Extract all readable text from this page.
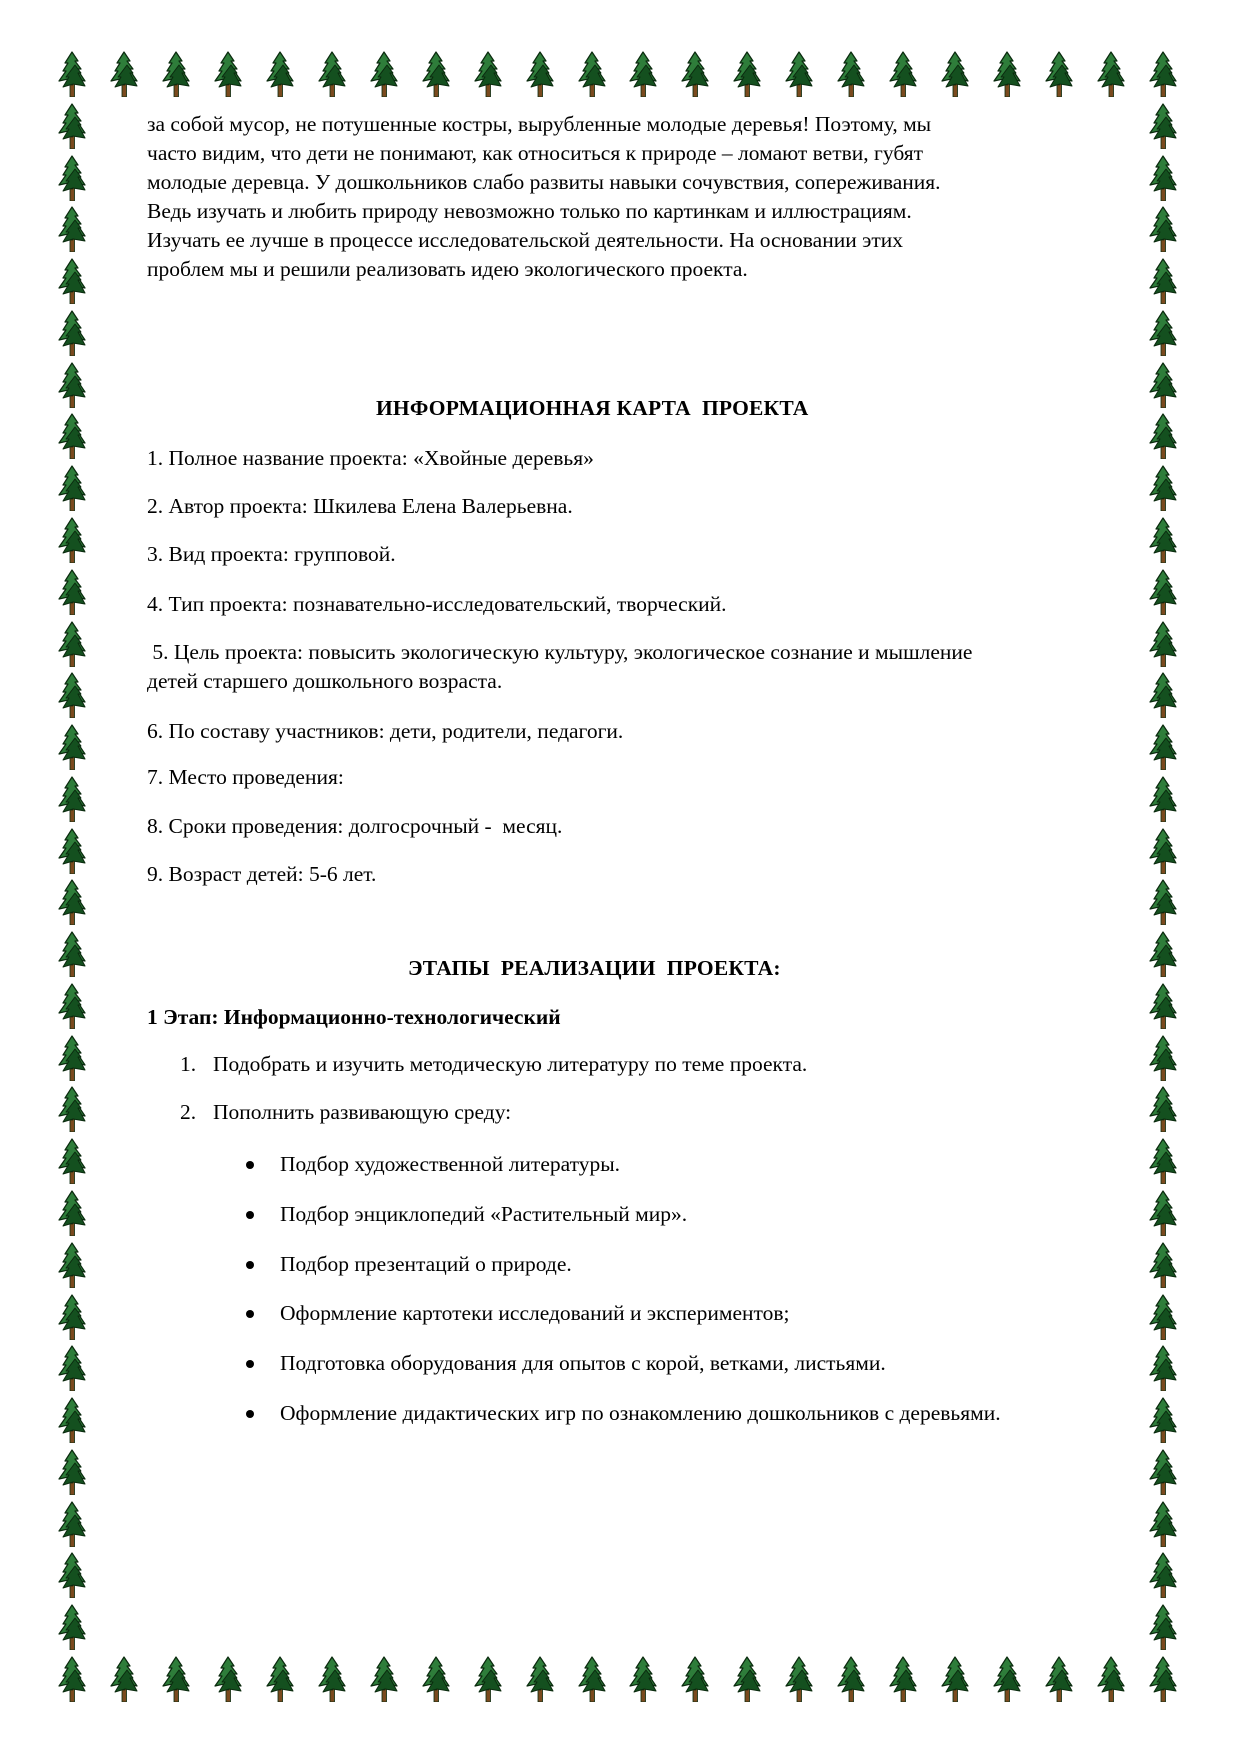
за собой мусор, не потушенные костры, вырубленные молодые деревья! Поэтому, мы

часто видим, что дети не понимают, как относиться к природе – ломают ветви, губят

молодые деревца. У дошкольников слабо развиты навыки сочувствия, сопереживания.

Ведь изучать и любить природу невозможно только по картинкам и иллюстрациям.

Изучать ее лучше в процессе исследовательской деятельности. На основании этих

проблем мы и решили реализовать идею экологического проекта.

ИНФОРМАЦИОННАЯ КАРТА  ПРОЕКТА
1. Полное название проекта: «Хвойные деревья»
2. Автор проекта: Шкилева Елена Валерьевна.
3. Вид проекта: групповой.
4. Тип проекта: познавательно-исследовательский, творческий.
5. Цель проекта: повысить экологическую культуру, экологическое сознание и мышление
детей старшего дошкольного возраста.
6. По составу участников: дети, родители, педагоги.
7. Место проведения:
8. Сроки проведения: долгосрочный -  месяц.
9. Возраст детей: 5-6 лет.
ЭТАПЫ  РЕАЛИЗАЦИИ  ПРОЕКТА:
1 Этап: Информационно-технологический
1. Подобрать и изучить методическую литературу по теме проекта.
2. Пополнить развивающую среду:
Подбор художественной литературы.
Подбор энциклопедий «Растительный мир».
Подбор презентаций о природе.
Оформление картотеки исследований и экспериментов;
Подготовка оборудования для опытов с корой, ветками, листьями.
Оформление дидактических игр по ознакомлению дошкольников с деревьями.
